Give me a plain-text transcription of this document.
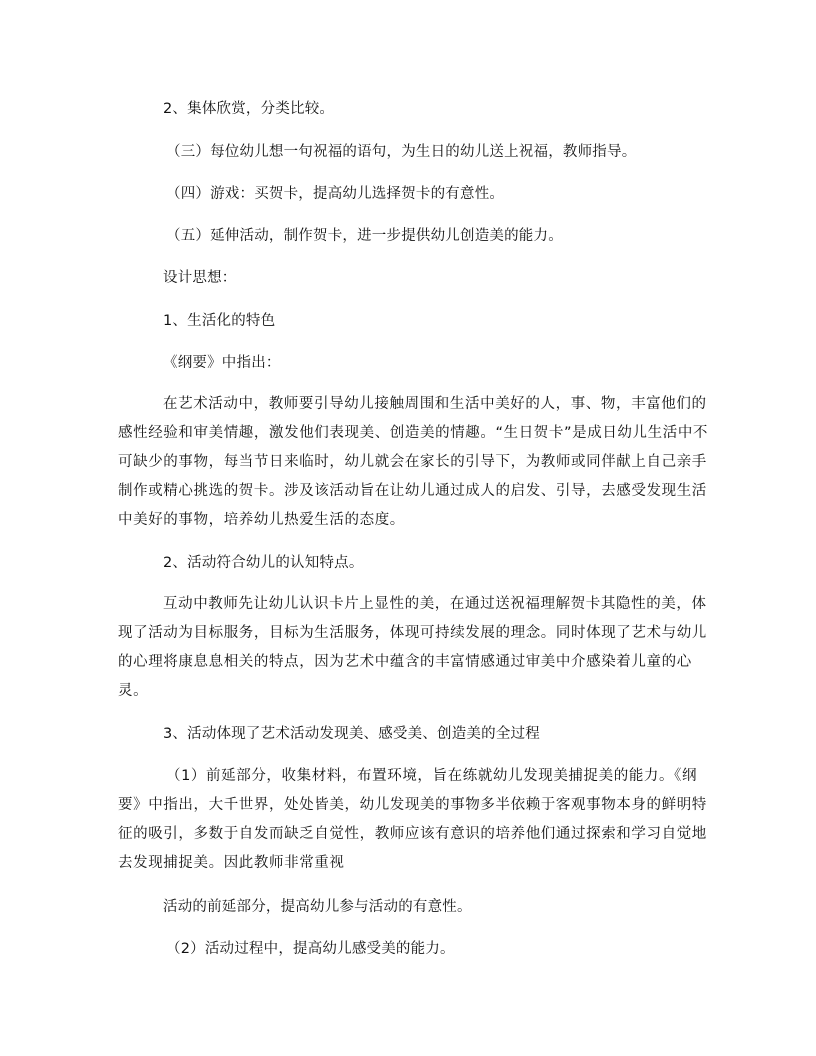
2、集体欣赏，分类比较。

（三）每位幼儿想一句祝福的语句，为生日的幼儿送上祝福，教师指导。

（四）游戏：买贺卡，提高幼儿选择贺卡的有意性。

（五）延伸活动，制作贺卡，进一步提供幼儿创造美的能力。

设计思想：

1、生活化的特色

《纲要》中指出：

在艺术活动中，教师要引导幼儿接触周围和生活中美好的人，事、物，丰富他们的
感性经验和审美情趣，激发他们表现美、创造美的情趣。“生日贺卡”是成日幼儿生活中不
可缺少的事物，每当节日来临时，幼儿就会在家长的引导下，为教师或同伴献上自己亲手
制作或精心挑选的贺卡。涉及该活动旨在让幼儿通过成人的启发、引导，去感受发现生活
中美好的事物，培养幼儿热爱生活的态度。

2、活动符合幼儿的认知特点。

互动中教师先让幼儿认识卡片上显性的美，在通过送祝福理解贺卡其隐性的美，体
现了活动为目标服务，目标为生活服务，体现可持续发展的理念。同时体现了艺术与幼儿
的心理将康息息相关的特点，因为艺术中蕴含的丰富情感通过审美中介感染着儿童的心
灵。

3、活动体现了艺术活动发现美、感受美、创造美的全过程

（1）前延部分，收集材料，布置环境，旨在练就幼儿发现美捕捉美的能力。《纲
要》中指出，大千世界，处处皆美，幼儿发现美的事物多半依赖于客观事物本身的鲜明特
征的吸引，多数于自发而缺乏自觉性，教师应该有意识的培养他们通过探索和学习自觉地
去发现捕捉美。因此教师非常重视

活动的前延部分，提高幼儿参与活动的有意性。

（2）活动过程中，提高幼儿感受美的能力。
